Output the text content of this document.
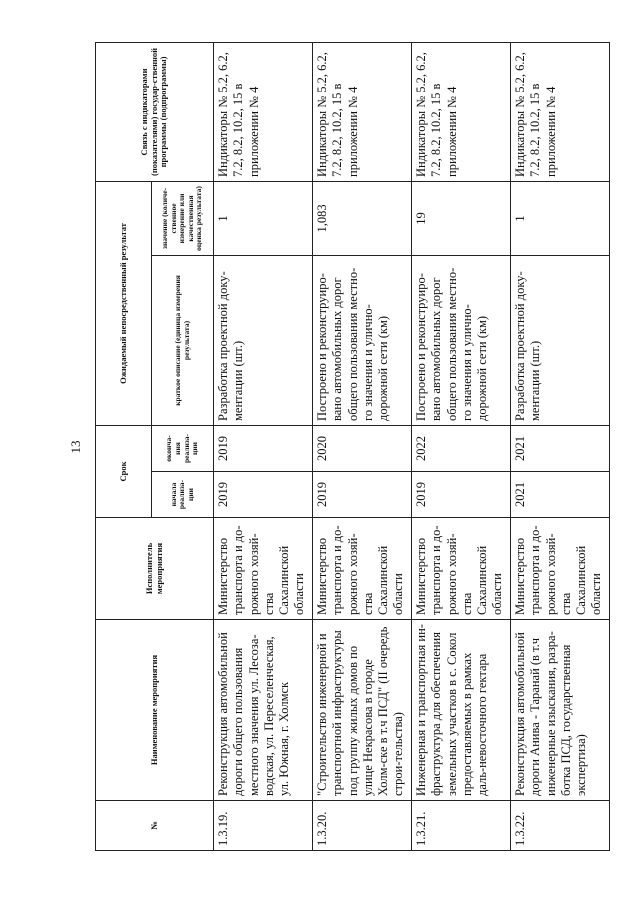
13
№	Наименование мероприятия	Исполнитель мероприятия	Срок		Ожидаемый непосредственный результат		Связь с индикаторами (показателями) государ-ственной программы (подпрограммы)
			начала реализа-ции	оконча-ния реализа-ции	краткое описание (единица измерения результата)	значение (количе-ственное измерение или качественная оценка результата)	
1.3.19.	Реконструкция автомобильной дороги общего пользования местного значения ул. Лесоза-водская, ул. Переселенческая, ул. Южная, г. Холмск	Министерство транспорта и до-рожного хозяй-ства Сахалинской области	2019	2019	Разработка проектной доку-ментации (шт.)	1	Индикаторы № 5.2, 6.2, 7.2, 8.2, 10.2, 15 в приложении № 4
1.3.20.	"Строительство инженерной и транспортной инфраструктуры под группу жилых домов по улице Некрасова в городе Холм-ске в т.ч ПСД" (II очередь строи-тельства)	Министерство транспорта и до-рожного хозяй-ства Сахалинской области	2019	2020	Построено и реконструиро-вано автомобильных дорог общего пользования местно-го значения и улично-дорожной сети (км)	1,083	Индикаторы № 5.2, 6.2, 7.2, 8.2, 10.2, 15 в приложении № 4
1.3.21.	Инженерная и транспортная ин-фраструктура для обеспечения земельных участков в с. Сокол предоставляемых в рамках даль-невосточного гектара	Министерство транспорта и до-рожного хозяй-ства Сахалинской области	2019	2022	Построено и реконструиро-вано автомобильных дорог общего пользования местно-го значения и улично-дорожной сети (км)	19	Индикаторы № 5.2, 6.2, 7.2, 8.2, 10.2, 15 в приложении № 4
1.3.22.	Реконструкция автомобильной дороги Анива - Таранай (в т.ч инженерные изыскания, разра-ботка ПСД, государственная экспертиза)	Министерство транспорта и до-рожного хозяй-ства Сахалинской области	2021	2021	Разработка проектной доку-ментации (шт.)	1	Индикаторы № 5.2, 6.2, 7.2, 8.2, 10.2, 15 в приложении № 4
